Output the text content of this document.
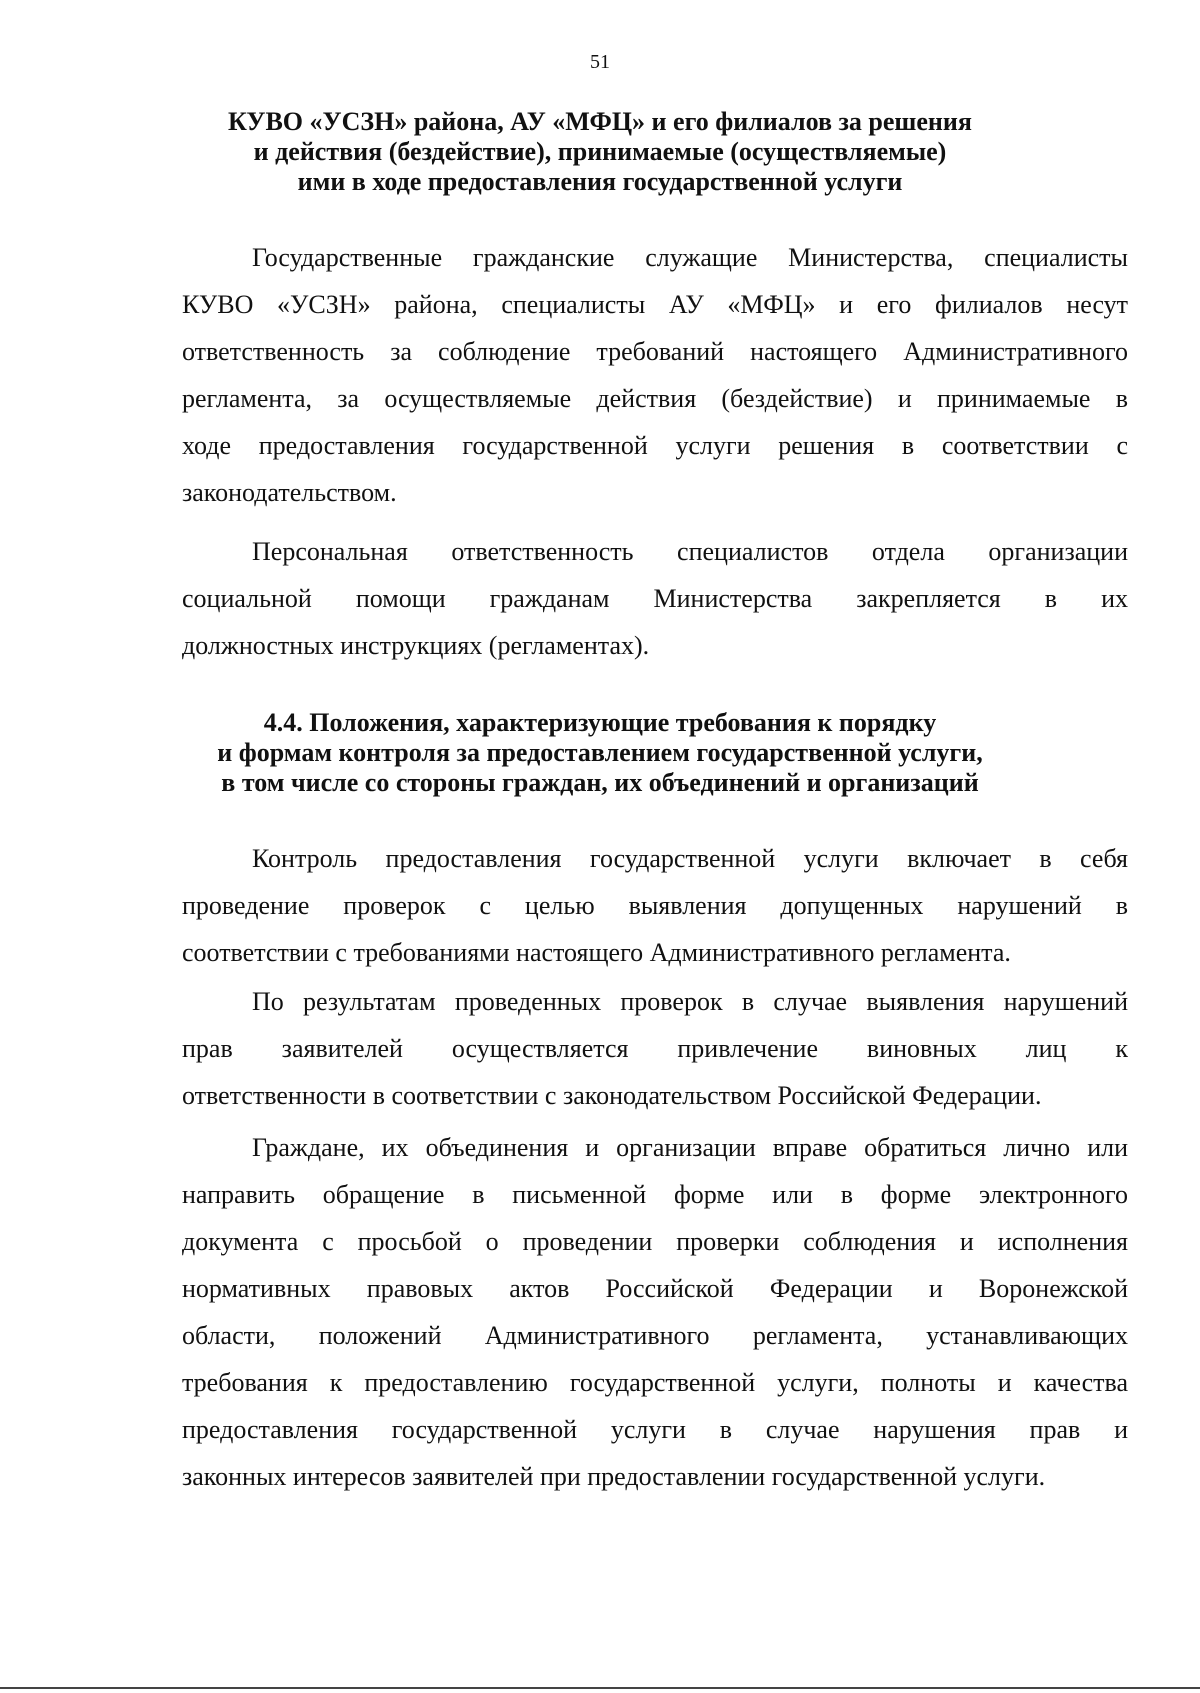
51
КУВО «УСЗН» района, АУ «МФЦ» и его филиалов за решения
и действия (бездействие), принимаемые (осуществляемые)
ими в ходе предоставления государственной услуги
Государственные гражданские служащие Министерства, специалисты
КУВО «УСЗН» района, специалисты АУ «МФЦ» и его филиалов несут
ответственность за соблюдение требований настоящего Административного
регламента, за осуществляемые действия (бездействие) и принимаемые в
ходе предоставления государственной услуги решения в соответствии с
законодательством.
Персональная ответственность специалистов отдела организации
социальной помощи гражданам Министерства закрепляется в их
должностных инструкциях (регламентах).
4.4. Положения, характеризующие требования к порядку
и формам контроля за предоставлением государственной услуги,
в том числе со стороны граждан, их объединений и организаций
Контроль предоставления государственной услуги включает в себя
проведение проверок с целью выявления допущенных нарушений в
соответствии с требованиями настоящего Административного регламента.
По результатам проведенных проверок в случае выявления нарушений
прав заявителей осуществляется привлечение виновных лиц к
ответственности в соответствии с законодательством Российской Федерации.
Граждане, их объединения и организации вправе обратиться лично или
направить обращение в письменной форме или в форме электронного
документа с просьбой о проведении проверки соблюдения и исполнения
нормативных правовых актов Российской Федерации и Воронежской
области, положений Административного регламента, устанавливающих
требования к предоставлению государственной услуги, полноты и качества
предоставления государственной услуги в случае нарушения прав и
законных интересов заявителей при предоставлении государственной услуги.
